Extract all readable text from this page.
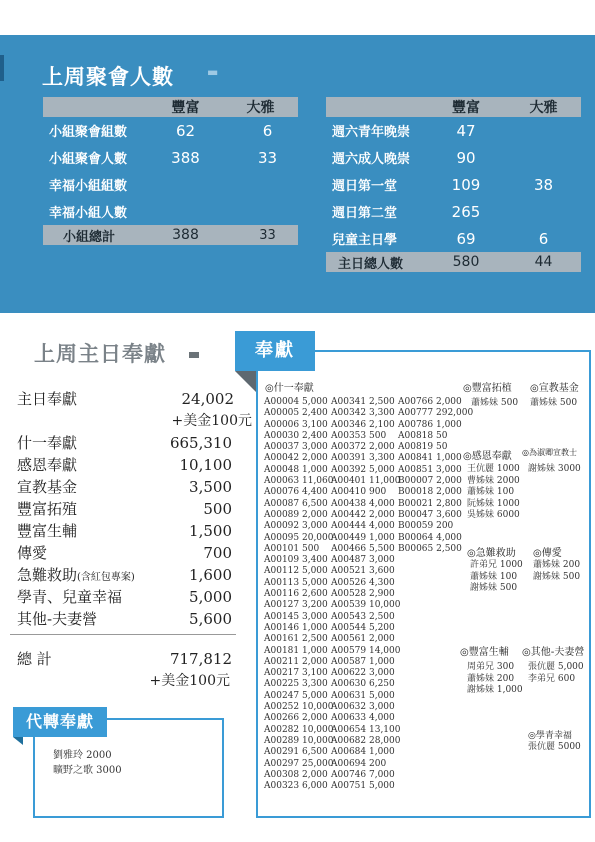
上周聚會人數	▬
	豐富	大雅
小組聚會組數	62	6
小組聚會人數	388	33
幸福小組組數		
幸福小組人數		
小組總計	388	33
	豐富	大雅
週六青年晚崇	47	
週六成人晚崇	90	
週日第一堂	109	38
週日第二堂	265	
兒童主日學	69	6
主日總人數	580	44
上周主日奉獻
主日奉獻	24,002
+美金100元
什一奉獻	665,310
感恩奉獻	10,100
宣教基金	3,500
豐富拓殖	500
豐富生輔	1,500
傳愛	700
急難救助(含紅包專案)	1,600
學青、兒童幸福	5,000
其他-夫妻營	5,600
總 計	717,812
+美金100元
代轉奉獻
劉雅玲 2000
曠野之歌 3000
奉獻
◎什一奉獻
A00004 5,000
A00005 2,400
A00006 3,100
A00030 2,400
A00037 3,000
A00042 2,000
A00048 1,000
A00063 11,060
A00076 4,400
A00087 6,500
A00089 2,000
A00092 3,000
A00095 20,000
A00101 500
A00109 3,400
A00112 5,000
A00113 5,000
A00116 2,600
A00127 3,200
A00145 3,000
A00146 1,000
A00161 2,500
A00181 1,000
A00211 2,000
A00217 3,100
A00225 3,300
A00247 5,000
A00252 10,000
A00266 2,000
A00282 10,000
A00289 10,000
A00291 6,500
A00297 25,000
A00308 2,000
A00323 6,000
A00341 2,500
A00342 3,300
A00346 2,100
A00353 500
A00372 2,000
A00391 3,300
A00392 5,000
A00401 11,000
A00410 900
A00438 4,000
A00442 2,000
A00444 4,000
A00449 1,000
A00466 5,500
A00487 3,000
A00521 3,600
A00526 4,300
A00528 2,900
A00539 10,000
A00543 2,500
A00544 5,200
A00561 2,000
A00579 14,000
A00587 1,000
A00622 3,000
A00630 6,250
A00631 5,000
A00632 3,000
A00633 4,000
A00654 13,100
A00682 28,000
A00684 1,000
A00694 200
A00746 7,000
A00751 5,000
A00766 2,000
A00777 292,000
A00786 1,000
A00818 50
A00819 50
A00841 1,000
A00851 3,000
B00007 2,000
B00018 2,000
B00021 2,800
B00047 3,600
B00059 200
B00064 4,000
B00065 2,500
◎豐富拓植
蕭姊妹 500
◎宣教基金
蕭姊妹 500
◎感恩奉獻
王伉麗 1000
曹姊妹 2000
蕭姊妹 100
阮姊妹 1000
吳姊妹 6000
◎為淑卿宣教士
謝姊妹 3000
◎急難救助
許弟兄 1000
蕭姊妹 100
謝姊妹 500
◎傳愛
蕭姊妹 200
謝姊妹 500
◎豐富生輔
周弟兄 300
蕭姊妹 200
謝姊妹 1,000
◎其他-夫妻營
張伉麗 5,000
李弟兄 600
◎學青幸福
張伉麗 5000
